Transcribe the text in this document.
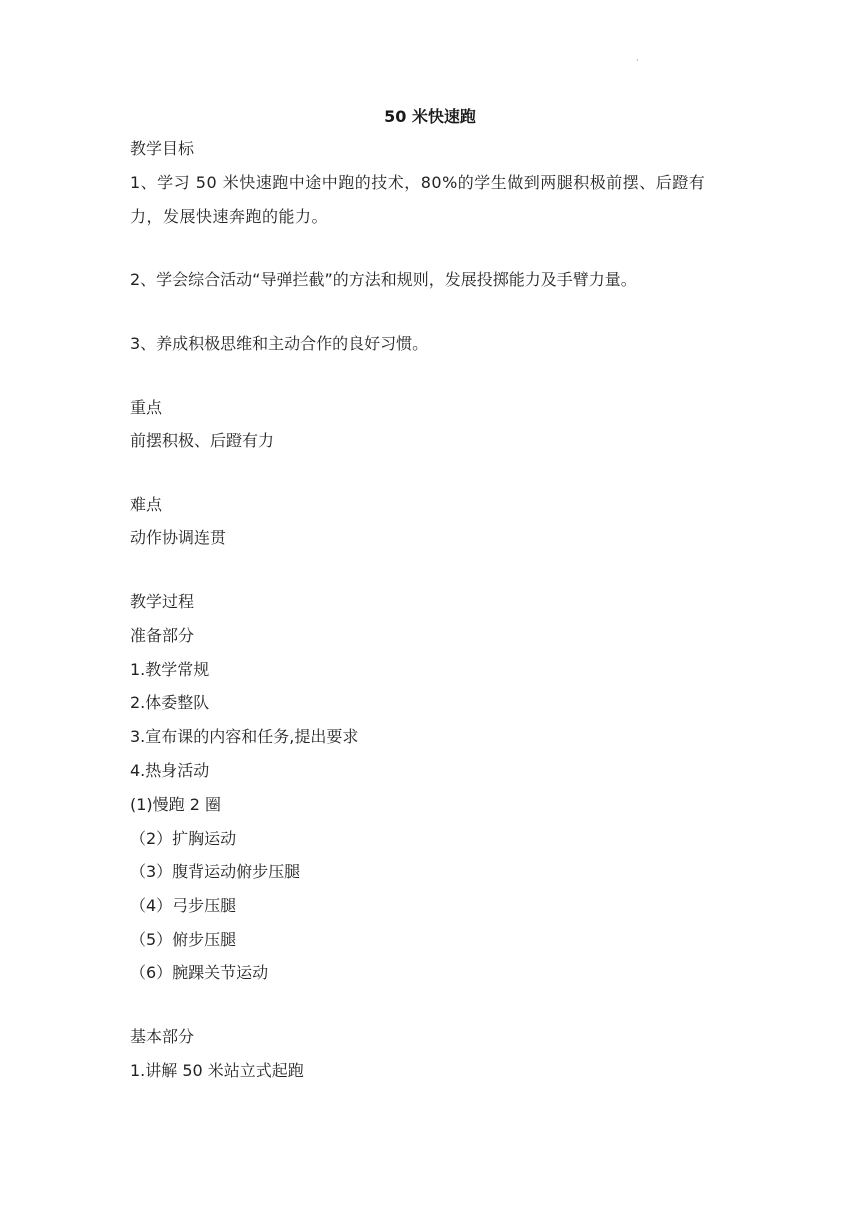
·
50 米快速跑
教学目标
1、学习 50 米快速跑中途中跑的技术，80%的学生做到两腿积极前摆、后蹬有力，发展快速奔跑的能力。
2、学会综合活动“导弹拦截”的方法和规则，发展投掷能力及手臂力量。
3、养成积极思维和主动合作的良好习惯。
重点
前摆积极、后蹬有力
难点
动作协调连贯
教学过程
准备部分
1.教学常规
2.体委整队
3.宣布课的内容和任务,提出要求
4.热身活动
(1)慢跑 2 圈
（2）扩胸运动
（3）腹背运动俯步压腿
（4）弓步压腿
（5）俯步压腿
（6）腕踝关节运动
基本部分
1.讲解 50 米站立式起跑
